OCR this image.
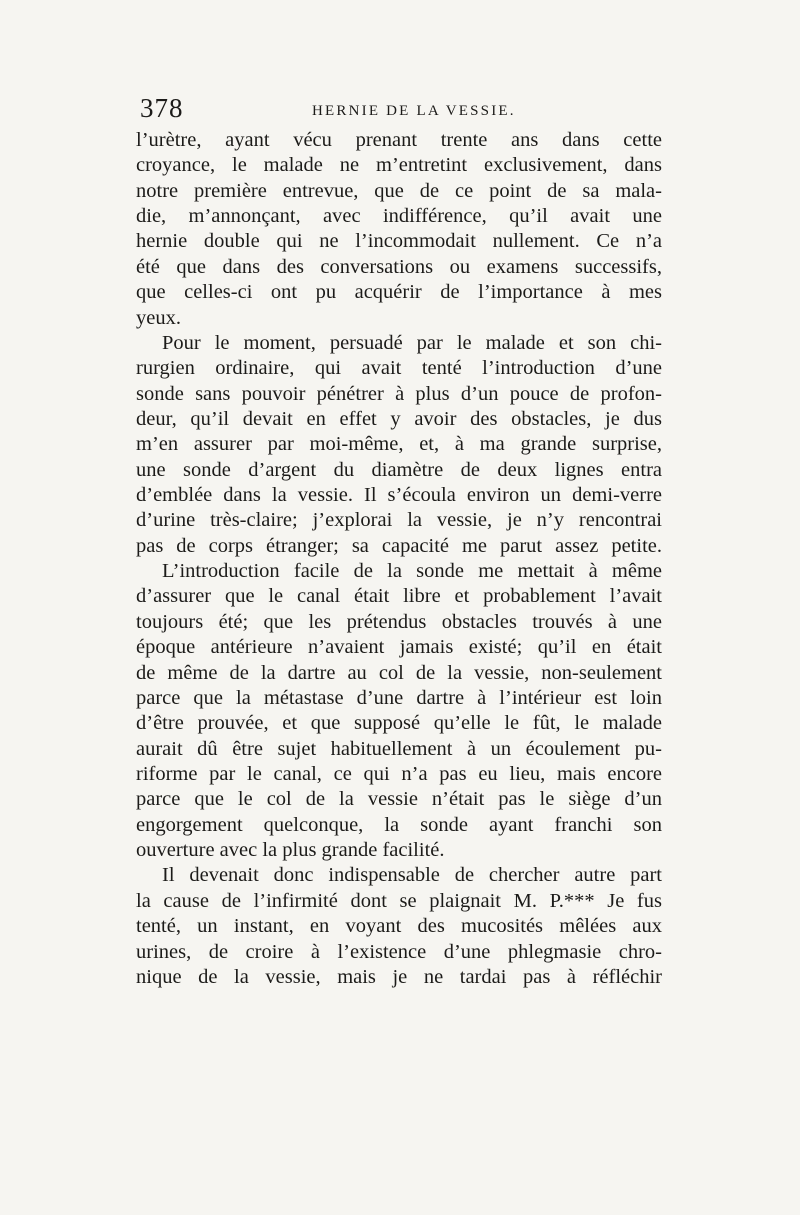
378	HERNIE DE LA VESSIE.
l’urètre, ayant vécu prenant trente ans dans cette
croyance, le malade ne m’entretint exclusivement, dans
notre première entrevue, que de ce point de sa mala-
die, m’annonçant, avec indifférence, qu’il avait une
hernie double qui ne l’incommodait nullement. Ce n’a
été que dans des conversations ou examens successifs,
que celles-ci ont pu acquérir de l’importance à mes
yeux.
Pour le moment, persuadé par le malade et son chi-
rurgien ordinaire, qui avait tenté l’introduction d’une
sonde sans pouvoir pénétrer à plus d’un pouce de profon-
deur, qu’il devait en effet y avoir des obstacles, je dus
m’en assurer par moi-même, et, à ma grande surprise,
une sonde d’argent du diamètre de deux lignes entra
d’emblée dans la vessie. Il s’écoula environ un demi-verre
d’urine très-claire; j’explorai la vessie, je n’y rencontrai
pas de corps étranger; sa capacité me parut assez petite.
L’introduction facile de la sonde me mettait à même
d’assurer que le canal était libre et probablement l’avait
toujours été; que les prétendus obstacles trouvés à une
époque antérieure n’avaient jamais existé; qu’il en était
de même de la dartre au col de la vessie, non-seulement
parce que la métastase d’une dartre à l’intérieur est loin
d’être prouvée, et que supposé qu’elle le fût, le malade
aurait dû être sujet habituellement à un écoulement pu-
riforme par le canal, ce qui n’a pas eu lieu, mais encore
parce que le col de la vessie n’était pas le siège d’un
engorgement quelconque, la sonde ayant franchi son
ouverture avec la plus grande facilité.
Il devenait donc indispensable de chercher autre part
la cause de l’infirmité dont se plaignait M. P.*** Je fus
tenté, un instant, en voyant des mucosités mêlées aux
urines, de croire à l’existence d’une phlegmasie chro-
nique de la vessie, mais je ne tardai pas à réfléchir
